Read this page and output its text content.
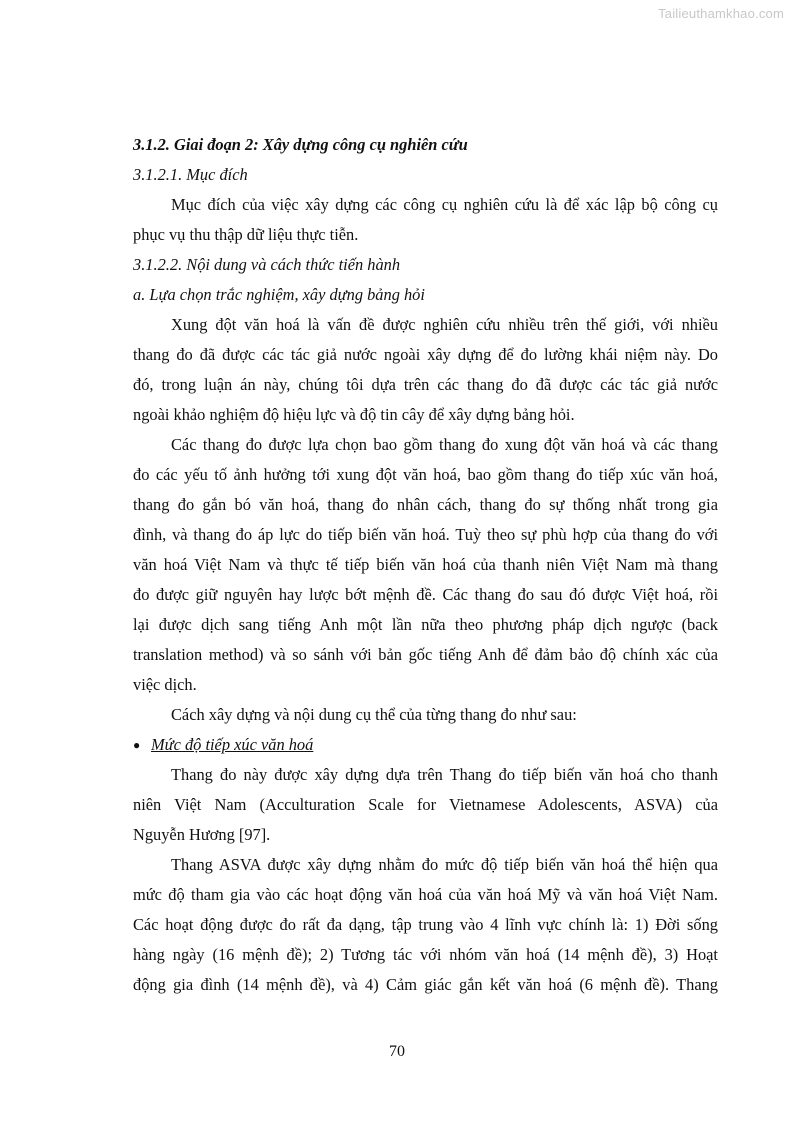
Tailieuthamkhao.com
3.1.2. Giai đoạn 2: Xây dựng công cụ nghiên cứu
3.1.2.1. Mục đích
Mục đích của việc xây dựng các công cụ nghiên cứu là để xác lập bộ công cụ
phục vụ thu thập dữ liệu thực tiễn.
3.1.2.2. Nội dung và cách thức tiến hành
a. Lựa chọn trắc nghiệm, xây dựng bảng hỏi
Xung đột văn hoá là vấn đề được nghiên cứu nhiều trên thế giới, với nhiều
thang đo đã được các tác giả nước ngoài xây dựng để đo lường khái niệm này. Do
đó, trong luận án này, chúng tôi dựa trên các thang đo đã được các tác giả nước
ngoài khảo nghiệm độ hiệu lực và độ tin cây để xây dựng bảng hỏi.
Các thang đo được lựa chọn bao gồm thang đo xung đột văn hoá và các thang
đo các yếu tố ảnh hưởng tới xung đột văn hoá, bao gồm thang đo tiếp xúc văn hoá,
thang đo gắn bó văn hoá, thang đo nhân cách, thang đo sự thống nhất trong gia
đình, và thang đo áp lực do tiếp biến văn hoá. Tuỳ theo sự phù hợp của thang đo với
văn hoá Việt Nam và thực tế tiếp biến văn hoá của thanh niên Việt Nam mà thang
đo được giữ nguyên hay lược bớt mệnh đề. Các thang đo sau đó được Việt hoá, rồi
lại được dịch sang tiếng Anh một lần nữa theo phương pháp dịch ngược (back
translation method) và so sánh với bản gốc tiếng Anh để đảm bảo độ chính xác của
việc dịch.
Cách xây dựng và nội dung cụ thể của từng thang đo như sau:
● Mức độ tiếp xúc văn hoá
Thang đo này được xây dựng dựa trên Thang đo tiếp biến văn hoá cho thanh
niên Việt Nam (Acculturation Scale for Vietnamese Adolescents, ASVA) của
Nguyễn Hương [97].
Thang ASVA được xây dựng nhằm đo mức độ tiếp biến văn hoá thể hiện qua
mức độ tham gia vào các hoạt động văn hoá của văn hoá Mỹ và văn hoá Việt Nam.
Các hoạt động được đo rất đa dạng, tập trung vào 4 lĩnh vực chính là: 1) Đời sống
hàng ngày (16 mệnh đề); 2) Tương tác với nhóm văn hoá (14 mệnh đề), 3) Hoạt
động gia đình (14 mệnh đề), và 4) Cảm giác gắn kết văn hoá (6 mệnh đề). Thang
70
